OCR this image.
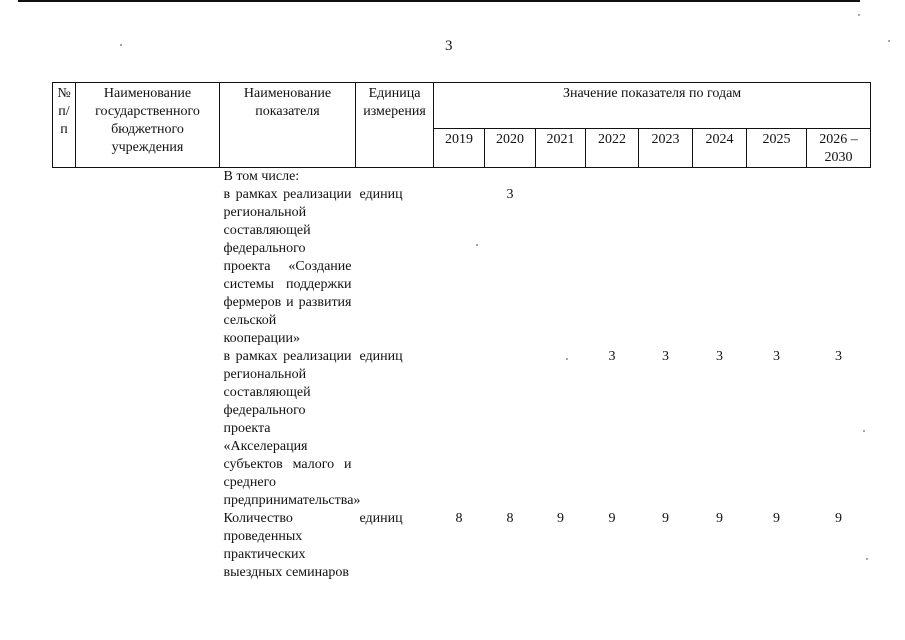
3
№ п/п	Наименование государственного бюджетного учреждения	Наименование показателя	Единица измерения	Значение показателя по годам							
				2019	2020	2021	2022	2023	2024	2025	2026 – 2030
		В том числе:									
		в рамках реализации региональной составляющей федерального проекта «Создание системы поддержки фермеров и развития сельской кооперации»	единиц		3						
		в рамках реализации региональной составляющей федерального проекта «Акселерация субъектов малого и среднего предпринимательства»	единиц				3	3	3	3	3
		Количество проведенных практических выездных семинаров	единиц	8	8	9	9	9	9	9	9
